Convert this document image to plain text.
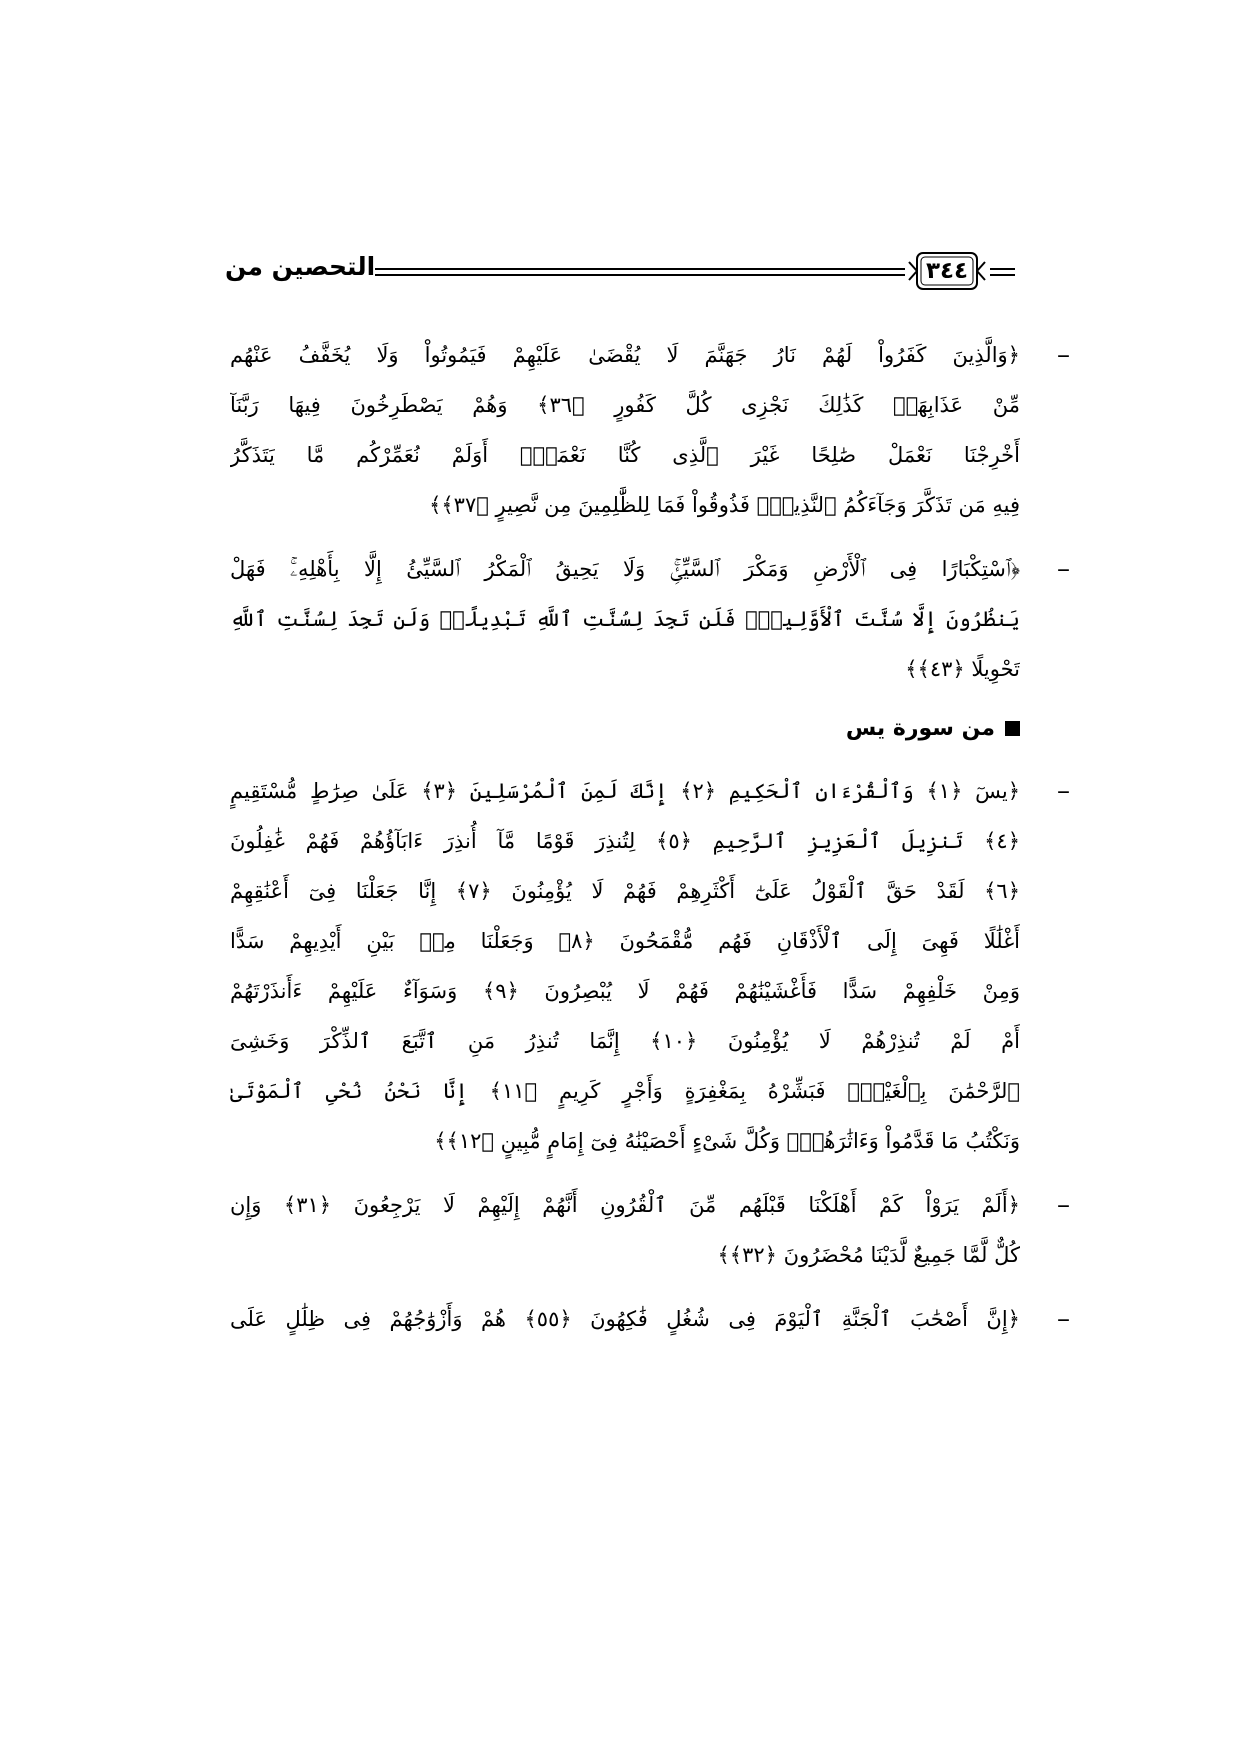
التحصين من	٣٤٤
–
﴿وَالَّذِينَ كَفَرُواْ لَهُمْ نَارُ جَهَنَّمَ لَا يُقْضَىٰ عَلَيْهِمْ فَيَمُوتُواْ وَلَا يُخَفَّفُ عَنْهُم
مِّنْ عَذَابِهَاۚ كَذَٰلِكَ نَجْزِى كُلَّ كَفُورٍ ﴿٣٦﴾ وَهُمْ يَصْطَرِخُونَ فِيهَا رَبَّنَآ
أَخْرِجْنَا نَعْمَلْ صَٰلِحًا غَيْرَ ٱلَّذِى كُنَّا نَعْمَلُۚ أَوَلَمْ نُعَمِّرْكُم مَّا يَتَذَكَّرُ
فِيهِ مَن تَذَكَّرَ وَجَآءَكُمُ ٱلنَّذِيرُۖ فَذُوقُواْ فَمَا لِلظَّٰلِمِينَ مِن نَّصِيرٍ ﴿٣٧﴾﴾
–
﴿ٱسْتِكْبَارًا فِى ٱلْأَرْضِ وَمَكْرَ ٱلسَّيِّئِۚ وَلَا يَحِيقُ ٱلْمَكْرُ ٱلسَّيِّئُ إِلَّا بِأَهْلِهِۦۚ فَهَلْ
يَنظُرُونَ إِلَّا سُنَّتَ ٱلْأَوَّلِينَۚ فَلَن تَجِدَ لِسُنَّتِ ٱللَّهِ تَبْدِيلًاۖ وَلَن تَجِدَ لِسُنَّتِ ٱللَّهِ
تَحْوِيلًا ﴿٤٣﴾﴾
من سورة يس
–
﴿يسٓ ﴿١﴾ وَٱلْقُرْءَانِ ٱلْحَكِيمِ ﴿٢﴾ إِنَّكَ لَمِنَ ٱلْمُرْسَلِينَ ﴿٣﴾ عَلَىٰ صِرَٰطٍ مُّسْتَقِيمٍ
﴿٤﴾ تَنزِيلَ ٱلْعَزِيزِ ٱلرَّحِيمِ ﴿٥﴾ لِتُنذِرَ قَوْمًا مَّآ أُنذِرَ ءَابَآؤُهُمْ فَهُمْ غَٰفِلُونَ
﴿٦﴾ لَقَدْ حَقَّ ٱلْقَوْلُ عَلَىٰٓ أَكْثَرِهِمْ فَهُمْ لَا يُؤْمِنُونَ ﴿٧﴾ إِنَّا جَعَلْنَا فِىٓ أَعْنَٰقِهِمْ
أَغْلَٰلًا فَهِىَ إِلَى ٱلْأَذْقَانِ فَهُم مُّقْمَحُونَ ﴿٨﴾ وَجَعَلْنَا مِنۢ بَيْنِ أَيْدِيهِمْ سَدًّا
وَمِنْ خَلْفِهِمْ سَدًّا فَأَغْشَيْنَٰهُمْ فَهُمْ لَا يُبْصِرُونَ ﴿٩﴾ وَسَوَآءٌ عَلَيْهِمْ ءَأَنذَرْتَهُمْ
أَمْ لَمْ تُنذِرْهُمْ لَا يُؤْمِنُونَ ﴿١٠﴾ إِنَّمَا تُنذِرُ مَنِ ٱتَّبَعَ ٱلذِّكْرَ وَخَشِىَ
ٱلرَّحْمَٰنَ بِٱلْغَيْبِۖ فَبَشِّرْهُ بِمَغْفِرَةٍ وَأَجْرٍ كَرِيمٍ ﴿١١﴾ إِنَّا نَحْنُ نُحْىِ ٱلْمَوْتَىٰ
وَنَكْتُبُ مَا قَدَّمُواْ وَءَاثَٰرَهُمْۚ وَكُلَّ شَىْءٍ أَحْصَيْنَٰهُ فِىٓ إِمَامٍ مُّبِينٍ ﴿١٢﴾﴾
–
﴿أَلَمْ يَرَوْاْ كَمْ أَهْلَكْنَا قَبْلَهُم مِّنَ ٱلْقُرُونِ أَنَّهُمْ إِلَيْهِمْ لَا يَرْجِعُونَ ﴿٣١﴾ وَإِن
كُلٌّ لَّمَّا جَمِيعٌ لَّدَيْنَا مُحْضَرُونَ ﴿٣٢﴾﴾
–
﴿إِنَّ أَصْحَٰبَ ٱلْجَنَّةِ ٱلْيَوْمَ فِى شُغُلٍ فَٰكِهُونَ ﴿٥٥﴾ هُمْ وَأَزْوَٰجُهُمْ فِى ظِلَٰلٍ عَلَى
